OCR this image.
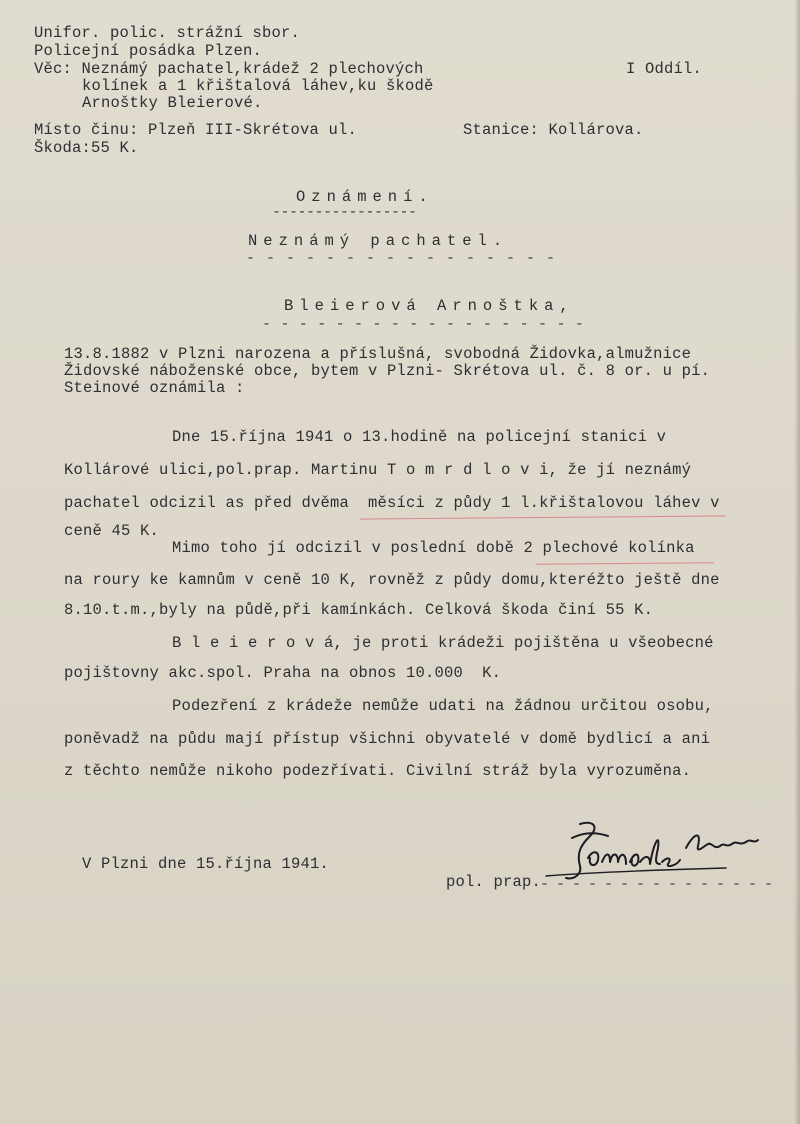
Unifor. polic. strážní sbor.
Policejní posádka Plzen.
Věc: Neznámý pachatel,krádež 2 plechových
kolínek a 1 křištalová láhev,ku škodě
Arnoštky Bleierové.
I Oddíl.
Místo činu: Plzeň III-Skrétova ul.	Stanice: Kollárova.
Škoda:55 K.
Oznámení.
-----------------
Neznámý pachatel.
- - - - - - - - - - - - - - - -
Bleierová Arnoštka,
- - - - - - - - - - - - - - - - - -
13.8.1882 v Plzni narozena a příslušná, svobodná Židovka,almužnice
Židovské náboženské obce, bytem v Plzni- Skrétova ul. č. 8 or. u pí.
Steinové oznámila :
Dne 15.října 1941 o 13.hodině na policejní stanici v
Kollárové ulici,pol.prap. Martinu T o m r d l o v i, že jí neznámý
pachatel odcizil as před dvěma  měsíci z půdy 1 l.křištalovou láhev v
ceně 45 K.
Mimo toho jí odcizil v poslední době 2 plechové kolínka
na roury ke kamnům v ceně 10 K, rovněž z půdy domu,kteréžto ještě dne
8.10.t.m.,byly na půdě,při kamínkách. Celková škoda činí 55 K.
B l e i e r o v á, je proti krádeži pojištěna u všeobecné
pojištovny akc.spol. Praha na obnos 10.000  K.
Podezření z krádeže nemůže udati na žádnou určitou osobu,
poněvadž na půdu mají přístup všichni obyvatelé v domě bydlicí a ani
z těchto nemůže nikoho podezřívati. Civilní stráž byla vyrozuměna.
V Plzni dne 15.října 1941.
pol. prap.
- - - - - - - - - - - - - - -
